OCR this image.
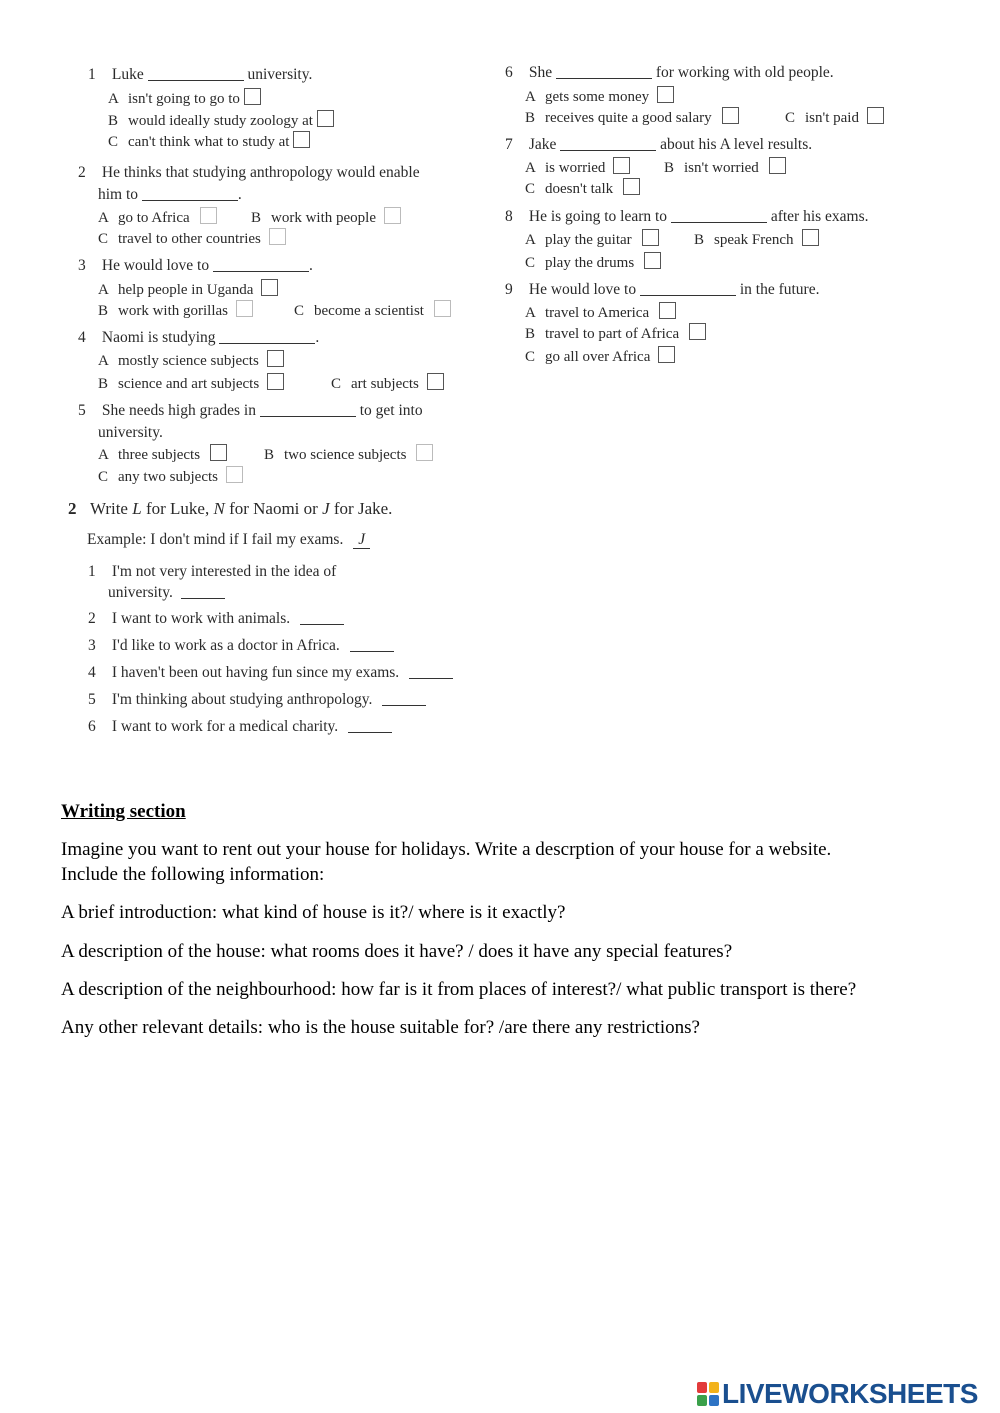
1 Luke	university.
A isn't going to go to
B would ideally study zoology at
C can't think what to study at
2 He thinks that studying anthropology would enable
him to	.
A go to Africa	B work with people
C travel to other countries
3 He would love to	.
A help people in Uganda
B work with gorillas	C become a scientist
4 Naomi is studying	.
A mostly science subjects
B science and art subjects	C art subjects
5 She needs high grades in	to get into
university.
A three subjects	B two science subjects
C any two subjects
6 She	for working with old people.
A gets some money
B receives quite a good salary	C isn't paid
7 Jake	about his A level results.
A is worried	B isn't worried
C doesn't talk
8 He is going to learn to	after his exams.
A play the guitar	B speak French
C play the drums
9 He would love to	in the future.
A travel to America
B travel to part of Africa
C go all over Africa
2 Write L for Luke, N for Naomi or J for Jake.
Example: I don't mind if I fail my exams. J
1 I'm not very interested in the idea of
university.
2 I want to work with animals.
3 I'd like to work as a doctor in Africa.
4 I haven't been out having fun since my exams.
5 I'm thinking about studying anthropology.
6 I want to work for a medical charity.
Writing section
Imagine you want to rent out your house for holidays. Write a descrption of your house for a website.
Include the following information:
A brief introduction: what kind of house is it?/ where is it exactly?
A description of the house: what rooms does it have? / does it have any special features?
A description of the neighbourhood: how far is it from places of interest?/ what public transport is there?
Any other relevant details: who is the house suitable for? /are there any restrictions?
LIVEWORKSHEETS
